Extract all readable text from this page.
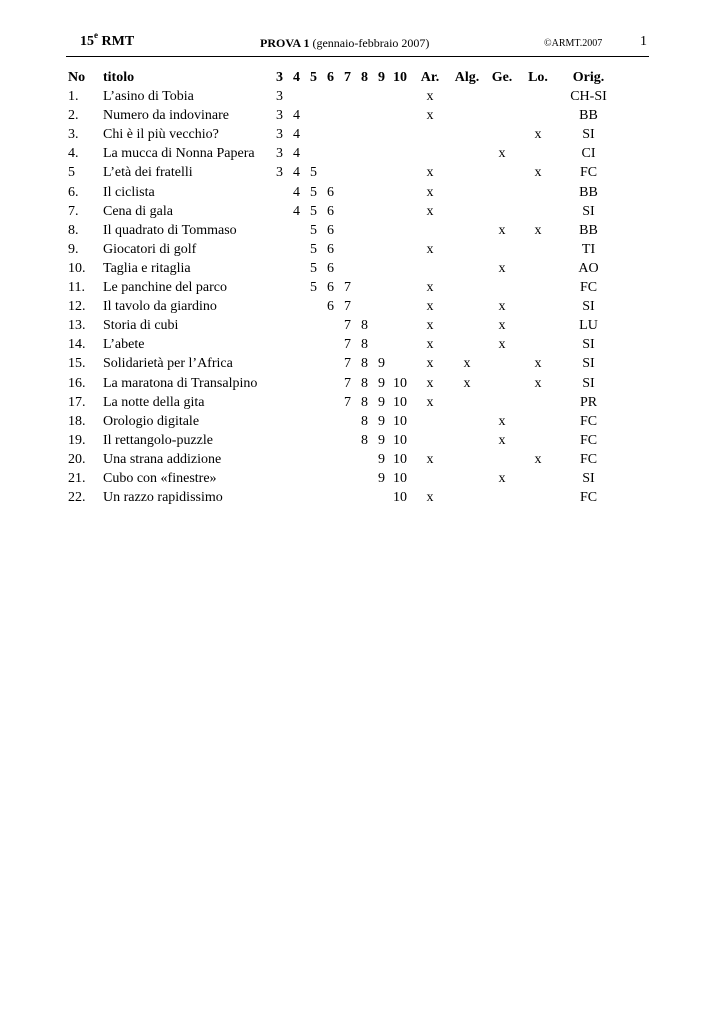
15e RMT	PROVA 1 (gennaio-febbraio 2007)	©ARMT.2007	1
No	titolo	3	4	5	6	7	8	9	10	Ar.	Alg.	Ge.	Lo.	Orig.
1.	L’asino di Tobia	3								x				CH-SI
2.	Numero da indovinare	3	4							x				BB
3.	Chi è il più vecchio?	3	4										x	SI
4.	La mucca di Nonna Papera	3	4									x		CI
5	L’età dei fratelli	3	4	5						x			x	FC
6.	Il ciclista		4	5	6					x				BB
7.	Cena di gala		4	5	6					x				SI
8.	Il quadrato di Tommaso			5	6							x	x	BB
9.	Giocatori di golf			5	6					x				TI
10.	Taglia e ritaglia			5	6							x		AO
11.	Le panchine del parco			5	6	7				x				FC
12.	Il tavolo da giardino				6	7				x		x		SI
13.	Storia di cubi					7	8			x		x		LU
14.	L’abete					7	8			x		x		SI
15.	Solidarietà per l’Africa					7	8	9		x	x		x	SI
16.	La maratona di Transalpino					7	8	9	10	x	x		x	SI
17.	La notte della gita					7	8	9	10	x				PR
18.	Orologio digitale						8	9	10			x		FC
19.	Il rettangolo-puzzle						8	9	10			x		FC
20.	Una strana addizione							9	10	x			x	FC
21.	Cubo con «finestre»							9	10			x		SI
22.	Un razzo rapidissimo								10	x				FC
